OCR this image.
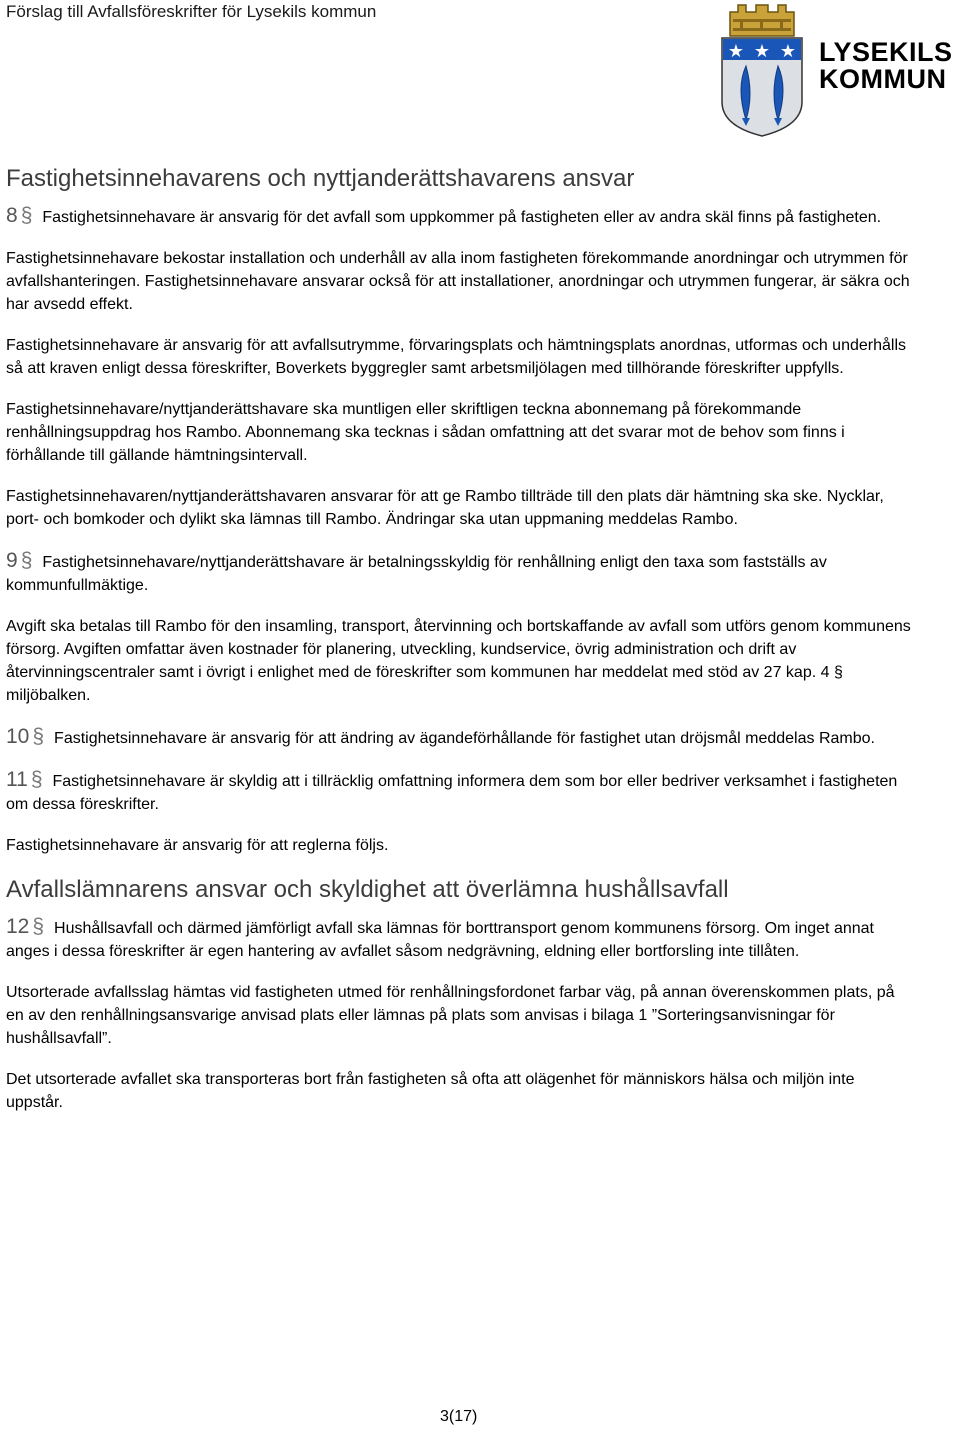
Förslag till Avfallsföreskrifter för Lysekils kommun
★ ★ ★ LYSEKILS
KOMMUN
Fastighetsinnehavarens och nyttjanderättshavarens ansvar

8 § Fastighetsinnehavare är ansvarig för det avfall som uppkommer på fastigheten eller av andra skäl finns på fastigheten.

Fastighetsinnehavare bekostar installation och underhåll av alla inom fastigheten förekommande anordningar och utrymmen för avfallshanteringen. Fastighetsinnehavare ansvarar också för att installationer, anordningar och utrymmen fungerar, är säkra och har avsedd effekt.

Fastighetsinnehavare är ansvarig för att avfallsutrymme, förvaringsplats och hämtningsplats anordnas, utformas och underhålls så att kraven enligt dessa föreskrifter, Boverkets byggregler samt arbetsmiljölagen med tillhörande föreskrifter uppfylls.

Fastighetsinnehavare/nyttjanderättshavare ska muntligen eller skriftligen teckna abonnemang på förekommande renhållningsuppdrag hos Rambo. Abonnemang ska tecknas i sådan omfattning att det svarar mot de behov som finns i förhållande till gällande hämtningsintervall.

Fastighetsinnehavaren/nyttjanderättshavaren ansvarar för att ge Rambo tillträde till den plats där hämtning ska ske. Nycklar, port- och bomkoder och dylikt ska lämnas till Rambo. Ändringar ska utan uppmaning meddelas Rambo.

9 § Fastighetsinnehavare/nyttjanderättshavare är betalningsskyldig för renhållning enligt den taxa som fastställs av kommunfullmäktige.

Avgift ska betalas till Rambo för den insamling, transport, återvinning och bortskaffande av avfall som utförs genom kommunens försorg. Avgiften omfattar även kostnader för planering, utveckling, kundservice, övrig administration och drift av återvinningscentraler samt i övrigt i enlighet med de föreskrifter som kommunen har meddelat med stöd av 27 kap. 4 § miljöbalken.

10 § Fastighetsinnehavare är ansvarig för att ändring av ägandeförhållande för fastighet utan dröjsmål meddelas Rambo.

11 § Fastighetsinnehavare är skyldig att i tillräcklig omfattning informera dem som bor eller bedriver verksamhet i fastigheten om dessa föreskrifter.

Fastighetsinnehavare är ansvarig för att reglerna följs.

Avfallslämnarens ansvar och skyldighet att överlämna hushållsavfall

12 § Hushållsavfall och därmed jämförligt avfall ska lämnas för borttransport genom kommunens försorg. Om inget annat anges i dessa föreskrifter är egen hantering av avfallet såsom nedgrävning, eldning eller bortforsling inte tillåten.

Utsorterade avfallsslag hämtas vid fastigheten utmed för renhållningsfordonet farbar väg, på annan överenskommen plats, på en av den renhållningsansvarige anvisad plats eller lämnas på plats som anvisas i bilaga 1 ”Sorteringsanvisningar för hushållsavfall”.

Det utsorterade avfallet ska transporteras bort från fastigheten så ofta att olägenhet för människors hälsa och miljön inte uppstår.

3(17)
